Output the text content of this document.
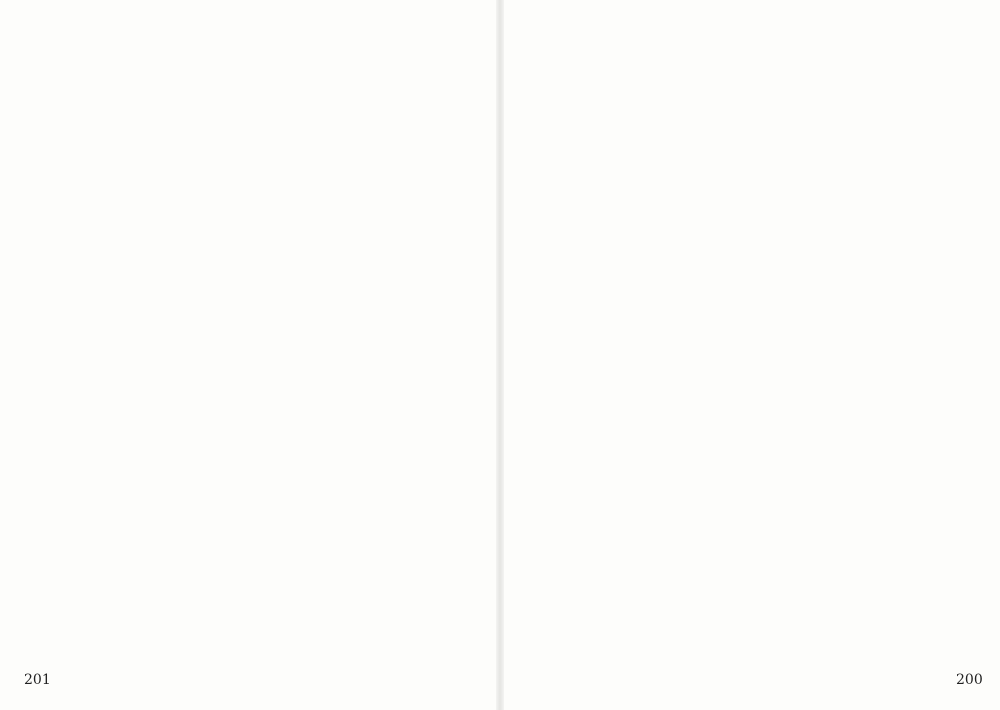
201	200
